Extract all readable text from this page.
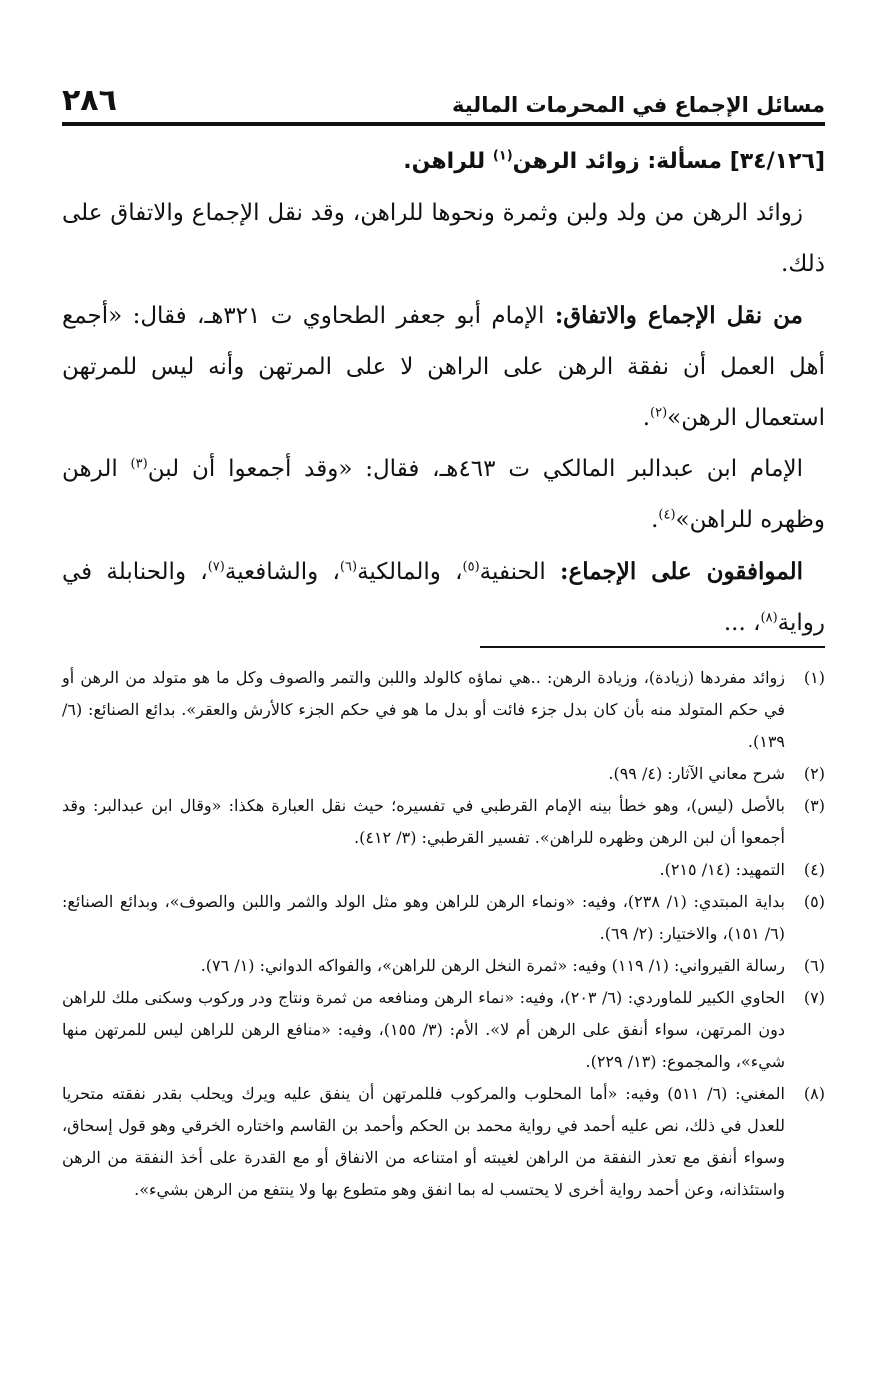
مسائل الإجماع في المحرمات المالية
٢٨٦

[٣٤/١٢٦] مسألة: زوائد الرهن$^{(١)}$ للراهن.

زوائد الرهن من ولد ولبن وثمرة ونحوها للراهن، وقد نقل الإجماع والاتفاق على ذلك.

من نقل الإجماع والاتفاق: الإمام أبو جعفر الطحاوي ت ٣٢١هـ، فقال: «أجمع أهل العمل أن نفقة الرهن على الراهن لا على المرتهن وأنه ليس للمرتهن استعمال الرهن»$^{(٢)}$.

الإمام ابن عبدالبر المالكي ت ٤٦٣هـ، فقال: «وقد أجمعوا أن لبن$^{(٣)}$ الرهن وظهره للراهن»$^{(٤)}$.

الموافقون على الإجماع: الحنفية$^{(٥)}$، والمالكية$^{(٦)}$، والشافعية$^{(٧)}$، والحنابلة في رواية$^{(٨)}$، ...

(١)
زوائد مفردها (زيادة)، وزيادة الرهن: ..هي نماؤه كالولد واللبن والتمر والصوف وكل ما هو متولد من الرهن أو في حكم المتولد منه بأن كان بدل جزء فائت أو بدل ما هو في حكم الجزء كالأرش والعقر». بدائع الصنائع: (٦/ ١٣٩).

(٢)
شرح معاني الآثار: (٤/ ٩٩).

(٣)
بالأصل (ليس)، وهو خطأ بينه الإمام القرطبي في تفسيره؛ حيث نقل العبارة هكذا: «وقال ابن عبدالبر: وقد أجمعوا أن لبن الرهن وظهره للراهن». تفسير القرطبي: (٣/ ٤١٢).

(٤)
التمهيد: (١٤/ ٢١٥).

(٥)
بداية المبتدي: (١/ ٢٣٨)، وفيه: «ونماء الرهن للراهن وهو مثل الولد والثمر واللبن والصوف»، وبدائع الصنائع: (٦/ ١٥١)، والاختيار: (٢/ ٦٩).

(٦)
رسالة القيرواني: (١/ ١١٩) وفيه: «ثمرة النخل الرهن للراهن»، والفواكه الدواني: (١/ ٧٦).

(٧)
الحاوي الكبير للماوردي: (٦/ ٢٠٣)، وفيه: «نماء الرهن ومنافعه من ثمرة ونتاج ودر وركوب وسكنى ملك للراهن دون المرتهن، سواء أنفق على الرهن أم لا». الأم: (٣/ ١٥٥)، وفيه: «منافع الرهن للراهن ليس للمرتهن منها شيء»، والمجموع: (١٣/ ٢٢٩).

(٨)
المغني: (٦/ ٥١١) وفيه: «أما المحلوب والمركوب فللمرتهن أن ينفق عليه ويرك ويحلب بقدر نفقته متحريا للعدل في ذلك، نص عليه أحمد في رواية محمد بن الحكم وأحمد بن القاسم واختاره الخرقي وهو قول إسحاق، وسواء أنفق مع تعذر النفقة من الراهن لغيبته أو امتناعه من الانفاق أو مع القدرة على أخذ النفقة من الرهن واستئذانه، وعن أحمد رواية أخرى لا يحتسب له بما انفق وهو متطوع بها ولا ينتفع من الرهن بشيء».
